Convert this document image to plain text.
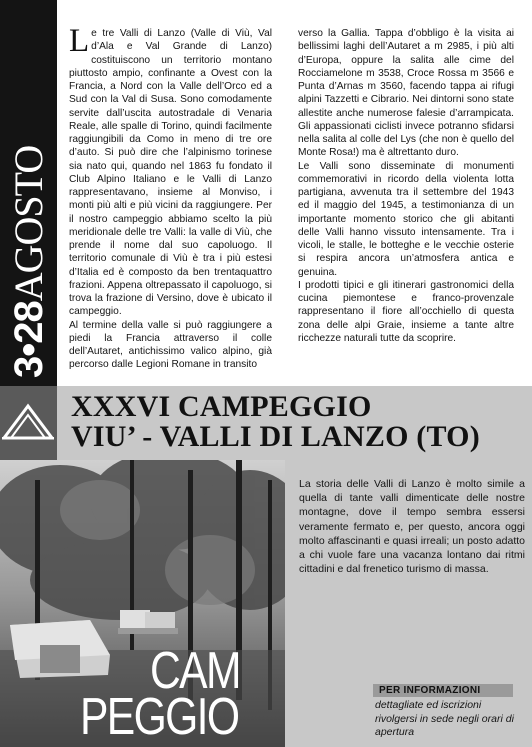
3•28AGOSTO

Le tre Valli di Lanzo (Valle di Viù, Val d’Ala e Val Grande di Lanzo) costituiscono un territorio montano piuttosto ampio, confinante a Ovest con la Francia, a Nord con la Valle dell’Orco ed a Sud con la Val di Susa. Sono comodamente servite dall’uscita autostradale di Venaria Reale, alle spalle di Torino, quindi facilmente raggiungibili da Como in meno di tre ore d’auto. Si può dire che l’alpinismo torinese sia nato qui, quando nel 1863 fu fondato il Club Alpino Italiano e le Valli di Lanzo rappresentavano, insieme al Monviso, i monti più alti e più vicini da raggiungere. Per il nostro campeggio abbiamo scelto la più meridionale delle tre Valli: la valle di Viù, che prende il nome dal suo capoluogo. Il territorio comunale di Viù è tra i più estesi d’Italia ed è composto da ben trentaquattro frazioni. Appena oltrepassato il capoluogo, si trova la frazione di Versino, dove è ubicato il campeggio.

Al termine della valle si può raggiungere a piedi la Francia attraverso il colle dell’Autaret, antichissimo valico alpino, già percorso dalle Legioni Romane in transito

verso la Gallia. Tappa d’obbligo è la visita ai bellissimi laghi dell’Autaret a m 2985, i più alti d’Europa, oppure la salita alle cime del Rocciamelone m 3538, Croce Rossa m 3566 e Punta d’Arnas m 3560, facendo tappa ai rifugi alpini Tazzetti e Cibrario. Nei dintorni sono state allestite anche numerose falesie d’arrampicata. Gli appassionati ciclisti invece potranno sfidarsi nella salita al colle del Lys (che non è quello del Monte Rosa!) ma è altrettanto duro.

Le Valli sono disseminate di monumenti commemorativi in ricordo della violenta lotta partigiana, avvenuta tra il settembre del 1943 ed il maggio del 1945, a testimonianza di un importante momento storico che gli abitanti delle Valli hanno vissuto intensamente. Tra i vicoli, le stalle, le botteghe e le vecchie osterie si respira ancora un’atmosfera antica e genuina.

I prodotti tipici e gli itinerari gastronomici della cucina piemontese e franco-provenzale rappresentano il fiore all’occhiello di questa zona delle alpi Graie, insieme a tante altre ricchezze naturali tutte da scoprire.

XXXVI CAMPEGGIO
VIU’ - VALLI DI LANZO (TO)
CAM
PEGGIO

La storia delle Valli di Lanzo è molto simile a quella di tante valli dimenticate delle nostre montagne, dove il tempo sembra essersi veramente fermato e, per questo, ancora oggi molto affascinanti e quasi irreali; un posto adatto a chi vuole fare una vacanza lontano dai ritmi cittadini e dal frenetico turismo di massa.

PER INFORMAZIONI

dettagliate ed iscrizioni rivolgersi in sede negli orari di apertura
